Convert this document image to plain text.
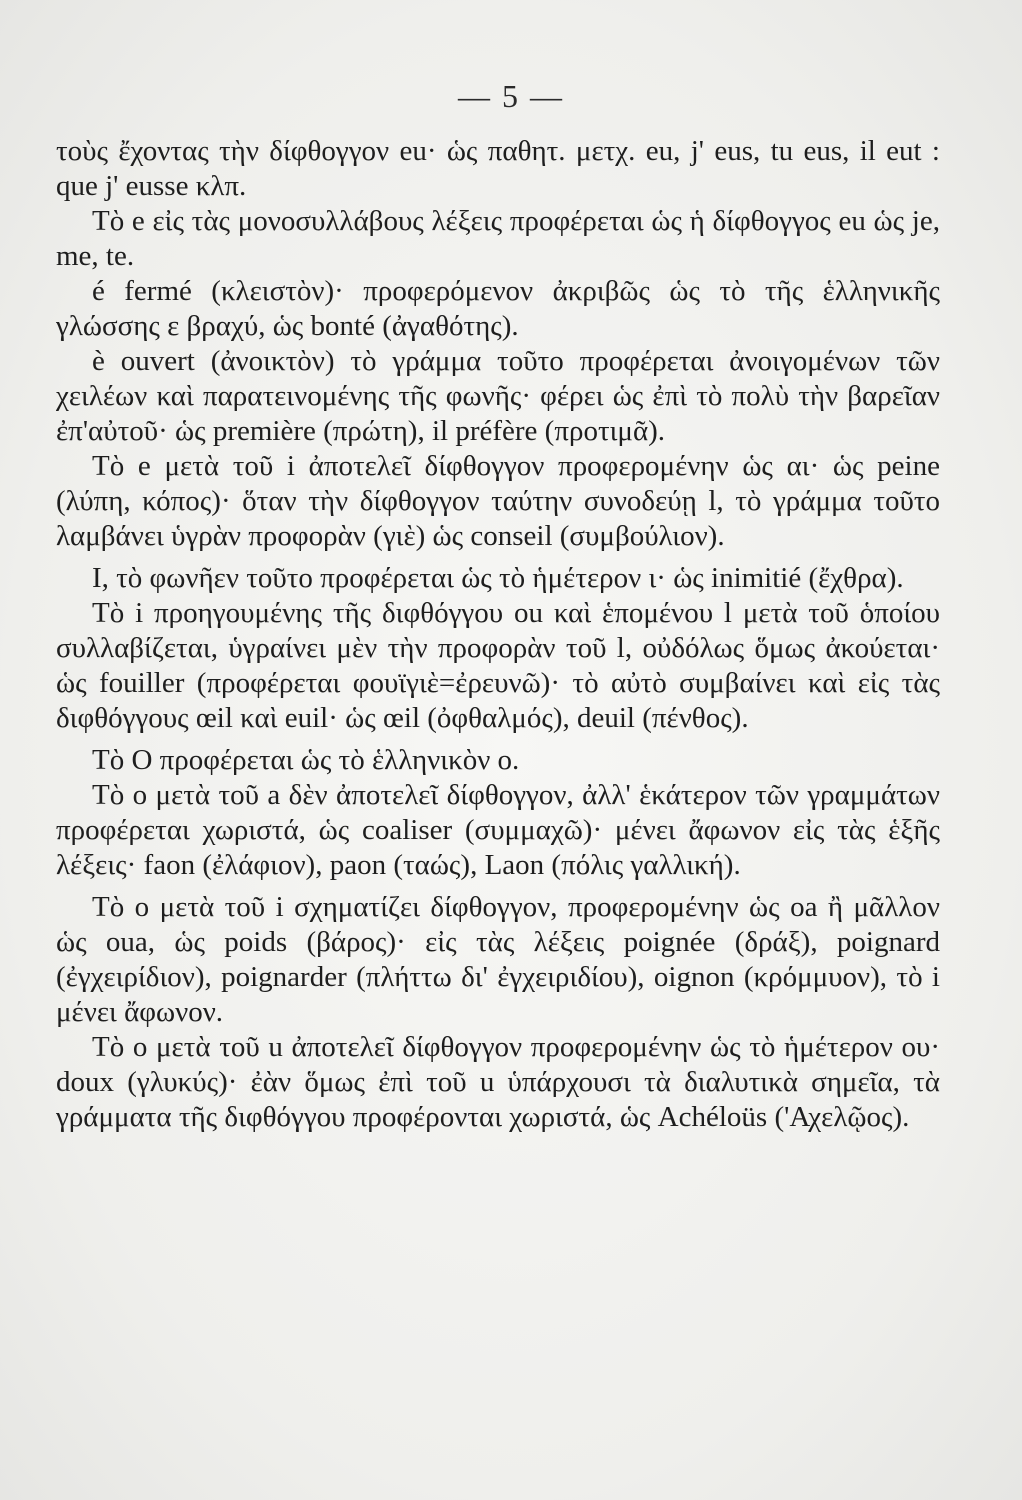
— 5 —

τοὺς ἔχοντας τὴν δίφθογγον eu· ὡς παθητ. μετχ. eu, j' eus, tu eus, il eut : que j' eusse κλπ.

Τὸ e εἰς τὰς μονοσυλλάβους λέξεις προφέρεται ὡς ἡ δίφθογγος eu ὡς je, me, te.

é fermé (κλειστὸν)· προφερόμενον ἀκριβῶς ὡς τὸ τῆς ἑλληνικῆς γλώσσης ε βραχύ, ὡς bonté (ἀγαθότης).

è ouvert (ἀνοικτὸν) τὸ γράμμα τοῦτο προφέρεται ἀνοιγομένων τῶν χειλέων καὶ παρατεινομένης τῆς φωνῆς· φέρει ὡς ἐπὶ τὸ πολὺ τὴν βαρεῖαν ἐπ'αὐτοῦ· ὡς première (πρώτη), il préfère (προτιμᾶ).

Τὸ e μετὰ τοῦ i ἀποτελεῖ δίφθογγον προφερομένην ὡς αι· ὡς peine (λύπη, κόπος)· ὅταν τὴν δίφθογγον ταύτην συνοδεύῃ l, τὸ γράμμα τοῦτο λαμβάνει ὑγρὰν προφορὰν (γιὲ) ὡς conseil (συμβούλιον).

I, τὸ φωνῆεν τοῦτο προφέρεται ὡς τὸ ἡμέτερον ι· ὡς inimitié (ἔχθρα).

Τὸ i προηγουμένης τῆς διφθόγγου ou καὶ ἑπομένου l μετὰ τοῦ ὁποίου συλλαβίζεται, ὑγραίνει μὲν τὴν προφορὰν τοῦ l, οὐδόλως ὅμως ἀκούεται· ὡς fouiller (προφέρεται φουϊγιὲ=ἐρευνῶ)· τὸ αὐτὸ συμβαίνει καὶ εἰς τὰς διφθόγγους œil καὶ euil· ὡς œil (ὀφθαλμός), deuil (πένθος).

Τὸ O προφέρεται ὡς τὸ ἑλληνικὸν ο.

Τὸ o μετὰ τοῦ a δὲν ἀποτελεῖ δίφθογγον, ἀλλ' ἑκάτερον τῶν γραμμάτων προφέρεται χωριστά, ὡς coaliser (συμμαχῶ)· μένει ἄφωνον εἰς τὰς ἑξῆς λέξεις· faon (ἐλάφιον), paon (ταώς), Laon (πόλις γαλλική).

Τὸ o μετὰ τοῦ i σχηματίζει δίφθογγον, προφερομένην ὡς oa ἢ μᾶλλον ὡς oua, ὡς poids (βάρος)· εἰς τὰς λέξεις poignée (δράξ), poignard (ἐγχειρίδιον), poignarder (πλήττω δι' ἐγχειριδίου), oignon (κρόμμυον), τὸ i μένει ἄφωνον.

Τὸ o μετὰ τοῦ u ἀποτελεῖ δίφθογγον προφερομένην ὡς τὸ ἡμέτερον ου· doux (γλυκύς)· ἐὰν ὅμως ἐπὶ τοῦ u ὑπάρχουσι τὰ διαλυτικὰ σημεῖα, τὰ γράμματα τῆς διφθόγγου προφέρονται χωριστά, ὡς Achéloüs ('Αχελῷος).
